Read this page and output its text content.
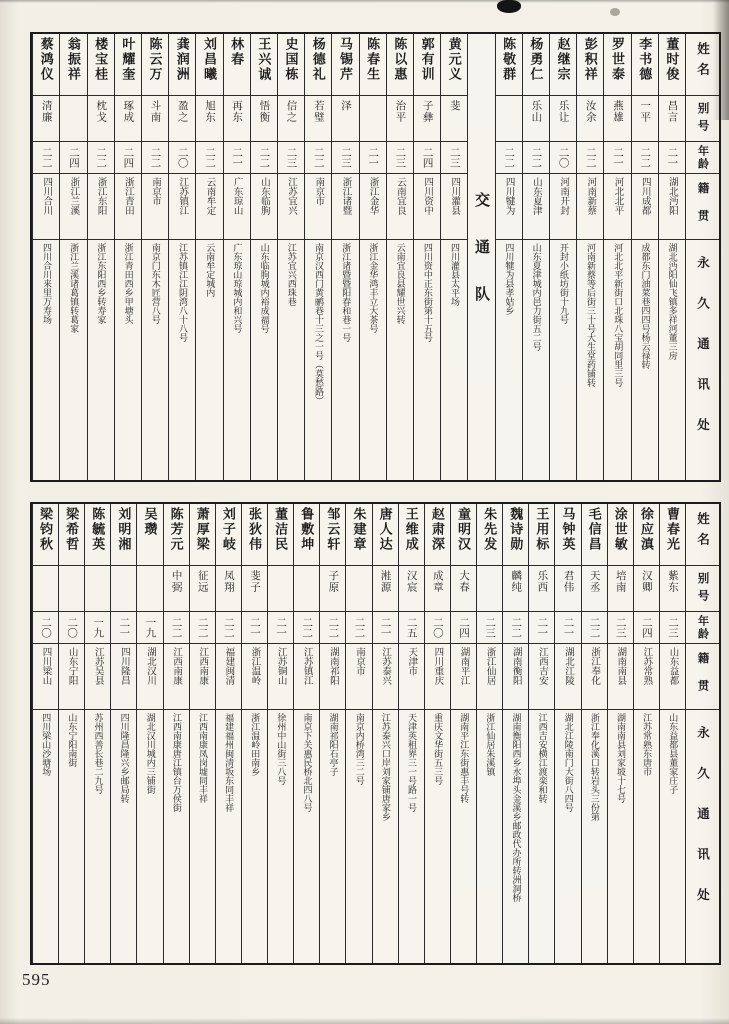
姓名
别号
年龄
籍贯
永久通讯处
董时俊
昌言
二一
湖北沔阳
湖北沔阳仙飞镇多祥河董三房
李书德
一平
二二
四川成都
成都东门油菜巷四四号杨云禄转
罗世泰
燕雄
二一
河北北平
河北北平新街口北珠八宝胡同里三号
彭积祥
汝余
二二
河南新蔡
河南新蔡等后街三十号大生堂药铺转
赵继宗
乐让
二〇
河南开封
开封小纸坊街十九号
杨勇仁
乐山
二二
山东夏津
山东夏津城内邑力街五二号
陈敬群
二二
四川犍为
四川犍为县孝姑乡
交通队
黄元义
斐
二三
四川灌县
四川灌县太平场
郭有训
子彝
二四
四川资中
四川资中正东街第十五号
陈以惠
治平
二三
云南宜良
云南宜良县耀世兴转
陈春生
二一
浙江金华
浙江金华鸿丰立大茶号
马锡芹
泽
二三
浙江诸暨
浙江诸暨暨阳春和巷一号
杨德礼
若璧
二二
南京市
南京汉西门黄鹂巷十三之一号（莫愁路）
史国栋
信之
二三
江苏宜兴
江苏宜兴西珠巷
王兴诚
悟衡
二二
山东临朐
山东临朐城内裕成福号
林春
再东
二一
广东琼山
广东琼山琼城内和兴号
刘昌曦
旭东
二二
云南牟定
云南牟定城内
龚润洲
盈之
二〇
江苏镇江
江苏镇江江阴湾八十八号
陈云万
斗南
二二
南京市
南京门东木匠营八号
叶耀奎
琢成
二四
浙江青田
浙江青田西乡甲塘头
楼宝桂
枕戈
二二
浙江东阳
浙江东阳西乡转寿家
翁振祥
二四
浙江兰溪
浙江兰溪诸葛镇转葛家
蔡鸿仪
清廉
二二
四川合川
四川合川来里万寿场
姓名
别号
年龄
籍贯
永久通讯处
曹春光
紫东
二三
山东益都
山东益都县董家庄子
徐应滇
汉卿
二四
江苏常熟
江苏常熟东唐市
涂世敏
培南
二三
湖南南县
湖南南县刘家坡十七号
毛信昌
天丞
二二
浙江奉化
浙江奉化溪口转岩头三份第
马钟英
君伟
二一
湖北江陵
湖北江陵南门大街八四号
王用标
乐西
二一
江西吉安
江西吉安横江渡栾和转
魏诗勋
麟纯
二二
湖南衡阳
湖南衡阳西乡水埠头金溪乡邮政代办所转洲洞桥
朱先发
二三
浙江仙居
浙江仙居朱溪镇
童明汉
大春
二四
湖南平江
湖南平江东街惠丰号转
赵肃深
成章
二〇
四川重庆
重庆文华街五三号
王维成
汉宸
二五
天津市
天津英租界三一号路一号
唐人达
溎源
二一
江苏泰兴
江苏泰兴口岸刘家铺唐家乡
朱建章
二二
南京市
南京内桥湾三二号
邹云轩
子原
二二
湖南祁阳
湖南祁阳石亭子
鲁敷坤
二二
江苏镇江
南京下关惠民桥北四八号
董洁民
二一
江苏铜山
徐州中山街三八号
张狄伟
斐子
二一
浙江温岭
浙江温岭田南乡
刘子岐
凤翔
二二
福建闽清
福建福州闽清坂东同丰祥
萧厚梁
征远
二二
江西南康
江西南康凤岗墟同丰祥
陈芳元
中弼
二二
江西南康
江西南康唐江镇台万侯街
吴瓒
一九
湖北汉川
湖北汉川城内三铺街
刘明湘
二一
四川隆昌
四川隆昌隆兴乡邮局转
陈毓英
一九
江苏吴县
苏州西善长巷二九号
梁希哲
二〇
山东宁阳
山东宁阳南街
梁钧秋
二〇
四川梁山
四川梁山沙塘场
595
